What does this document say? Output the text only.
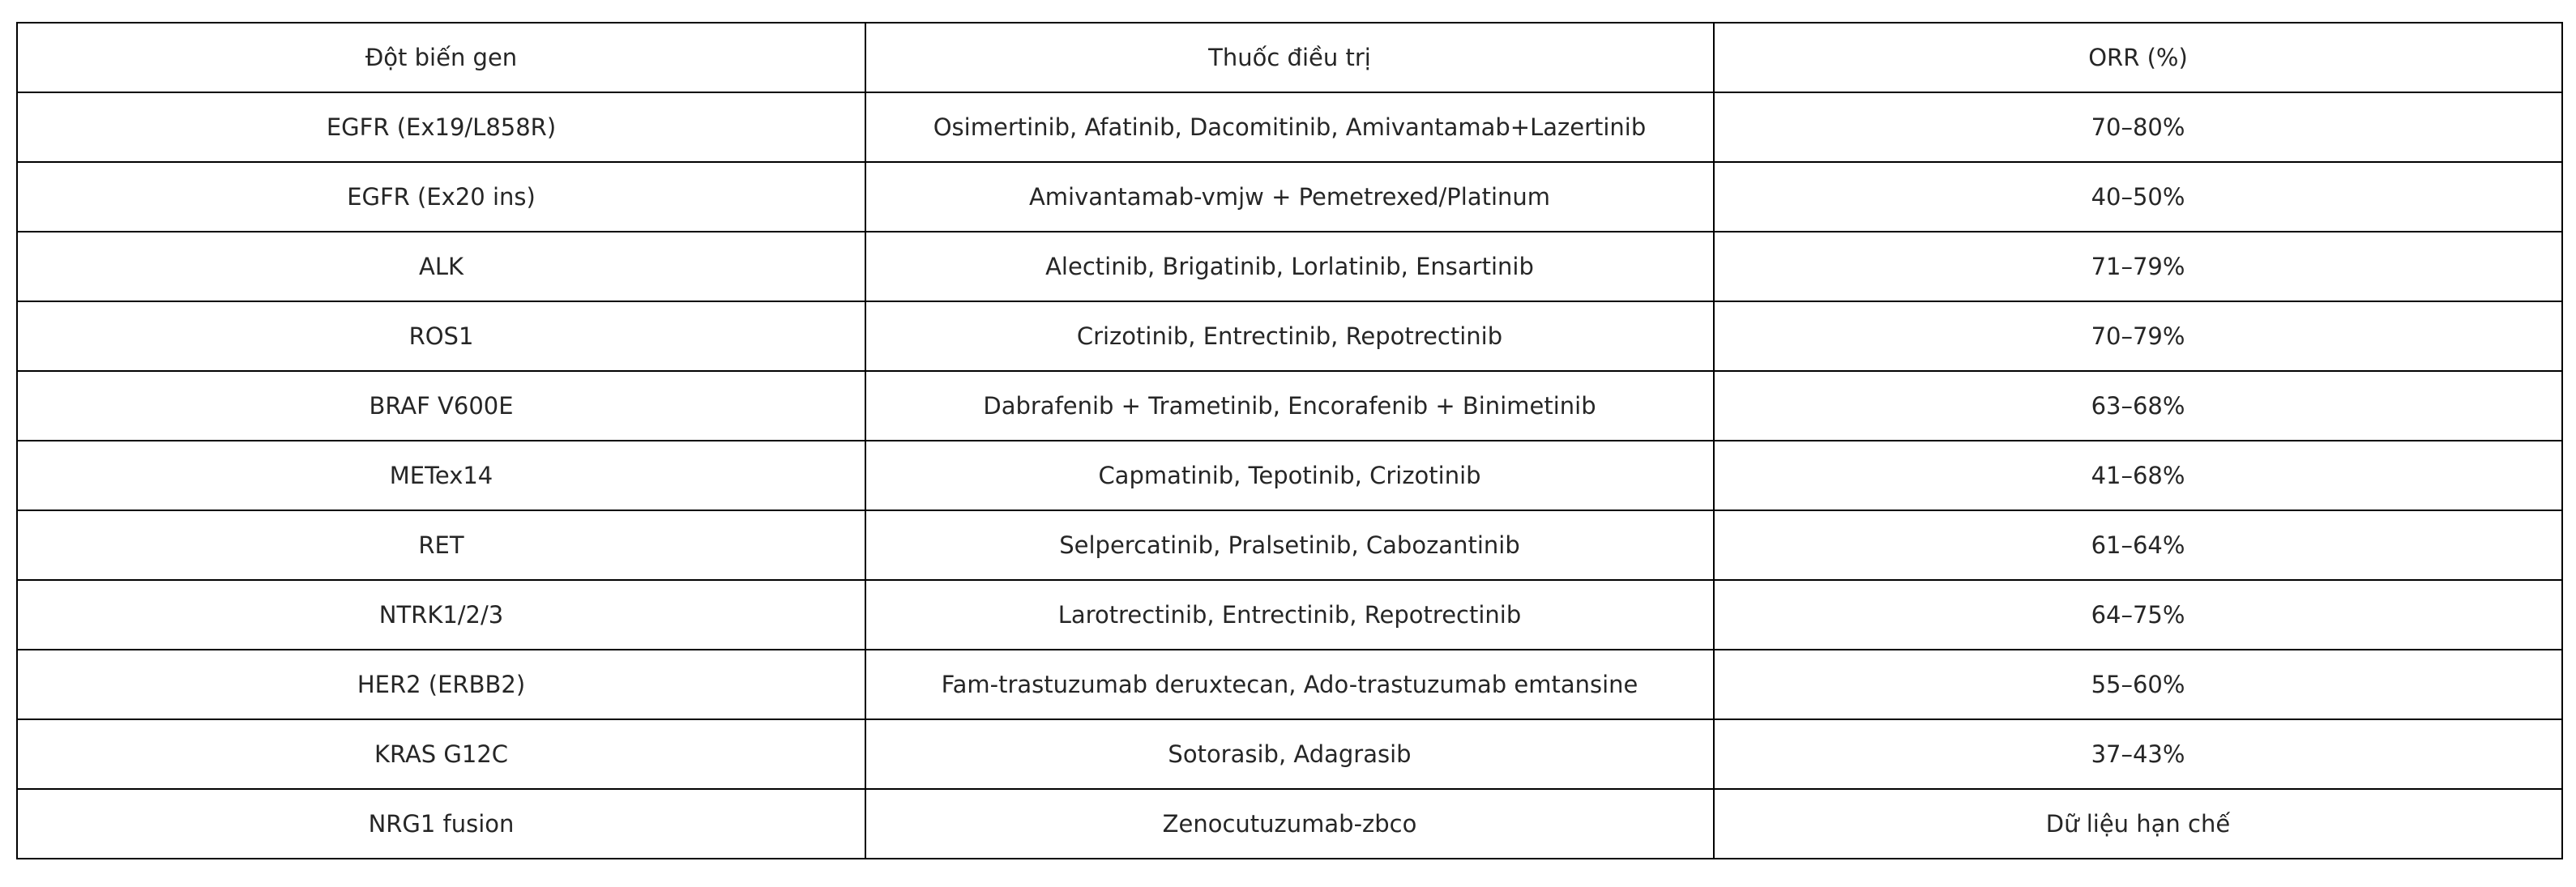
Đột biến gen	Thuốc điều trị	ORR (%)
EGFR (Ex19/L858R)	Osimertinib, Afatinib, Dacomitinib, Amivantamab+Lazertinib	70–80%
EGFR (Ex20 ins)	Amivantamab-vmjw + Pemetrexed/Platinum	40–50%
ALK	Alectinib, Brigatinib, Lorlatinib, Ensartinib	71–79%
ROS1	Crizotinib, Entrectinib, Repotrectinib	70–79%
BRAF V600E	Dabrafenib + Trametinib, Encorafenib + Binimetinib	63–68%
METex14	Capmatinib, Tepotinib, Crizotinib	41–68%
RET	Selpercatinib, Pralsetinib, Cabozantinib	61–64%
NTRK1/2/3	Larotrectinib, Entrectinib, Repotrectinib	64–75%
HER2 (ERBB2)	Fam-trastuzumab deruxtecan, Ado-trastuzumab emtansine	55–60%
KRAS G12C	Sotorasib, Adagrasib	37–43%
NRG1 fusion	Zenocutuzumab-zbco	Dữ liệu hạn chế
